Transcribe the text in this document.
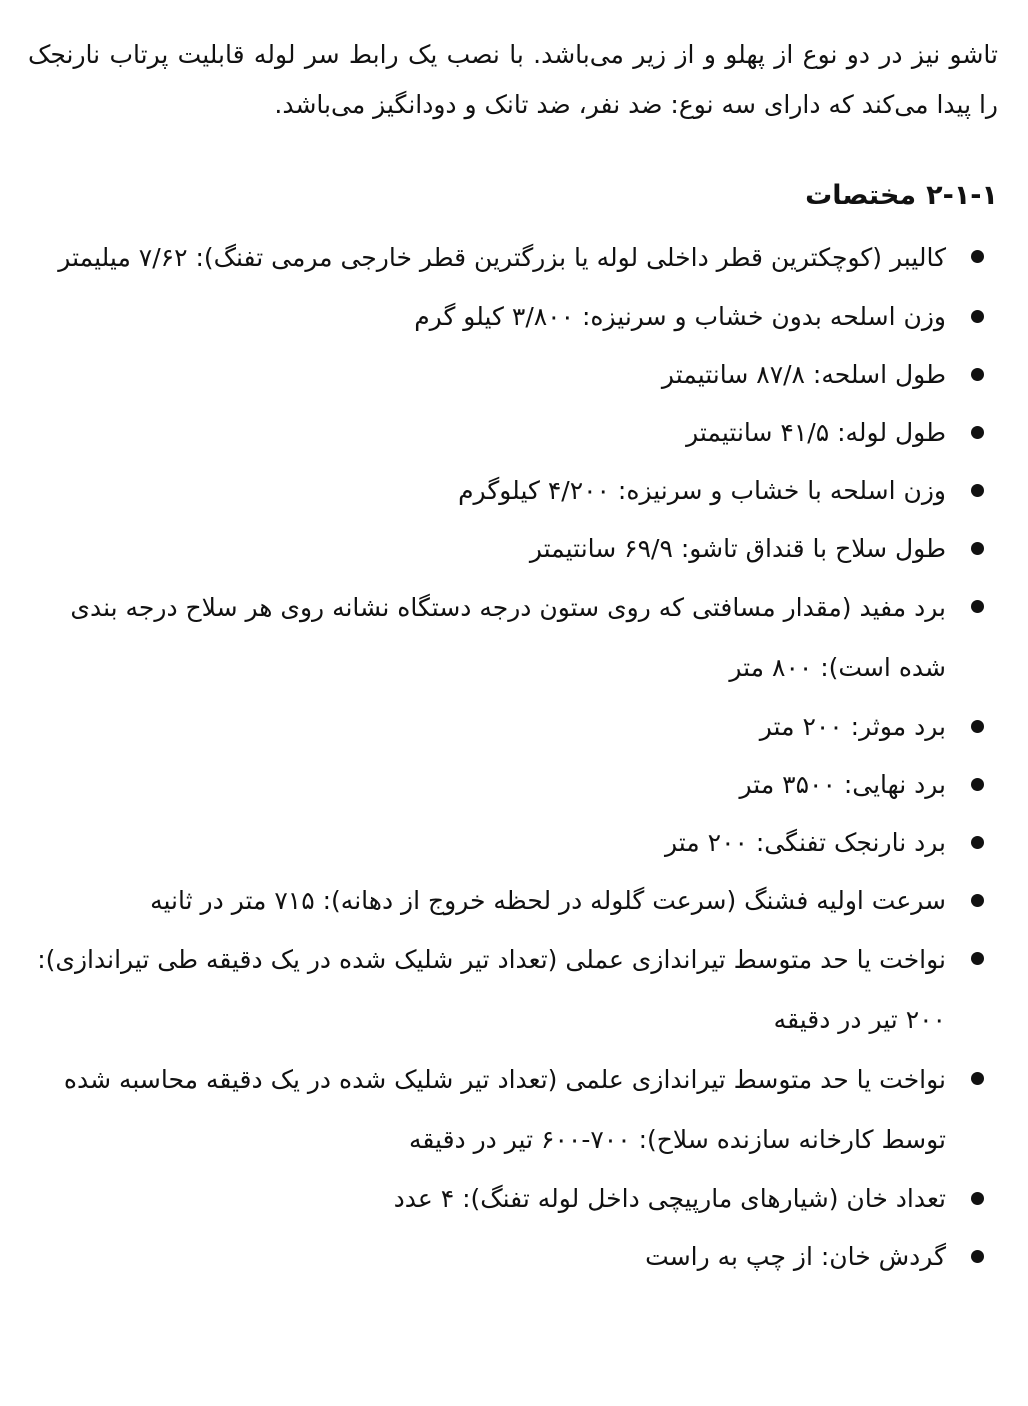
تاشو نیز در دو نوع از پهلو و از زیر می‌باشد. با نصب یک رابط سر لوله قابلیت پرتاب نارنجک را پیدا می‌کند که دارای سه نوع: ضد نفر، ضد تانک و دودانگیز می‌باشد.

۲-۱-۱مختصات
کالیبر (کوچکترین قطر داخلی لوله یا بزرگترین قطر خارجی مرمی تفنگ): ۷/۶۲ میلیمتر
وزن اسلحه بدون خشاب و سرنیزه: ۳/۸۰۰ کیلو گرم
طول اسلحه: ۸۷/۸ سانتیمتر
طول لوله: ۴۱/۵ سانتیمتر
وزن اسلحه با خشاب و سرنیزه: ۴/۲۰۰ کیلوگرم
طول سلاح با قنداق تاشو: ۶۹/۹ سانتیمتر
برد مفید (مقدار مسافتی که روی ستون درجه دستگاه نشانه روی هر سلاح درجه بندی شده است): ۸۰۰ متر
برد موثر: ۲۰۰ متر
برد نهایی: ۳۵۰۰ متر
برد نارنجک تفنگی: ۲۰۰ متر
سرعت اولیه فشنگ (سرعت گلوله در لحظه خروج از دهانه): ۷۱۵ متر در ثانیه
نواخت یا حد متوسط تیراندازی عملی (تعداد تیر شلیک شده در یک دقیقه طی تیراندازی): ۲۰۰ تیر در دقیقه
نواخت یا حد متوسط تیراندازی علمی (تعداد تیر شلیک شده در یک دقیقه محاسبه شده توسط کارخانه سازنده سلاح): ۷۰۰-۶۰۰ تیر در دقیقه
تعداد خان (شیارهای مارپیچی داخل لوله تفنگ): ۴ عدد
گردش خان: از چپ به راست
